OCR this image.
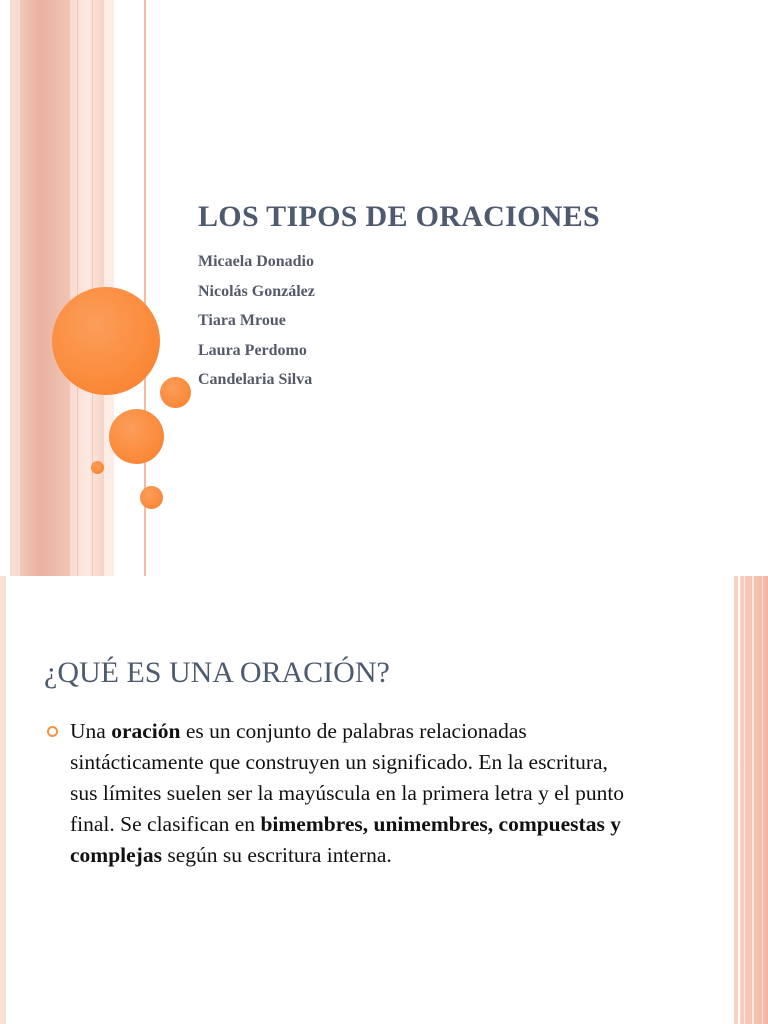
LOS TIPOS DE ORACIONES
Micaela Donadio
Nicolás González
Tiara Mroue
Laura Perdomo
Candelaria Silva
¿QUÉ ES UNA ORACIÓN?

Una oración es un conjunto de palabras relacionadas sintácticamente que construyen un significado. En la escritura, sus límites suelen ser la mayúscula en la primera letra y el punto final. Se clasifican en bimembres, unimembres, compuestas y complejas según su escritura interna.
